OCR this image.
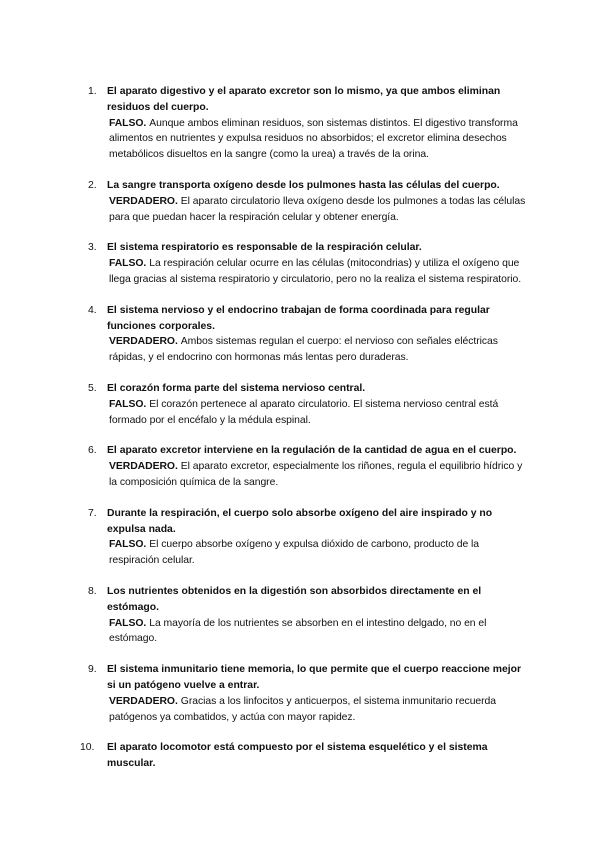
1. El aparato digestivo y el aparato excretor son lo mismo, ya que ambos eliminan residuos del cuerpo.
FALSO. Aunque ambos eliminan residuos, son sistemas distintos. El digestivo transforma alimentos en nutrientes y expulsa residuos no absorbidos; el excretor elimina desechos metabólicos disueltos en la sangre (como la urea) a través de la orina.
2. La sangre transporta oxígeno desde los pulmones hasta las células del cuerpo.
VERDADERO. El aparato circulatorio lleva oxígeno desde los pulmones a todas las células para que puedan hacer la respiración celular y obtener energía.
3. El sistema respiratorio es responsable de la respiración celular.
FALSO. La respiración celular ocurre en las células (mitocondrias) y utiliza el oxígeno que llega gracias al sistema respiratorio y circulatorio, pero no la realiza el sistema respiratorio.
4. El sistema nervioso y el endocrino trabajan de forma coordinada para regular funciones corporales.
VERDADERO. Ambos sistemas regulan el cuerpo: el nervioso con señales eléctricas rápidas, y el endocrino con hormonas más lentas pero duraderas.
5. El corazón forma parte del sistema nervioso central.
FALSO. El corazón pertenece al aparato circulatorio. El sistema nervioso central está formado por el encéfalo y la médula espinal.
6. El aparato excretor interviene en la regulación de la cantidad de agua en el cuerpo.
VERDADERO. El aparato excretor, especialmente los riñones, regula el equilibrio hídrico y la composición química de la sangre.
7. Durante la respiración, el cuerpo solo absorbe oxígeno del aire inspirado y no expulsa nada.
FALSO. El cuerpo absorbe oxígeno y expulsa dióxido de carbono, producto de la respiración celular.
8. Los nutrientes obtenidos en la digestión son absorbidos directamente en el estómago.
FALSO. La mayoría de los nutrientes se absorben en el intestino delgado, no en el estómago.
9. El sistema inmunitario tiene memoria, lo que permite que el cuerpo reaccione mejor si un patógeno vuelve a entrar.
VERDADERO. Gracias a los linfocitos y anticuerpos, el sistema inmunitario recuerda patógenos ya combatidos, y actúa con mayor rapidez.
10. El aparato locomotor está compuesto por el sistema esquelético y el sistema muscular.
